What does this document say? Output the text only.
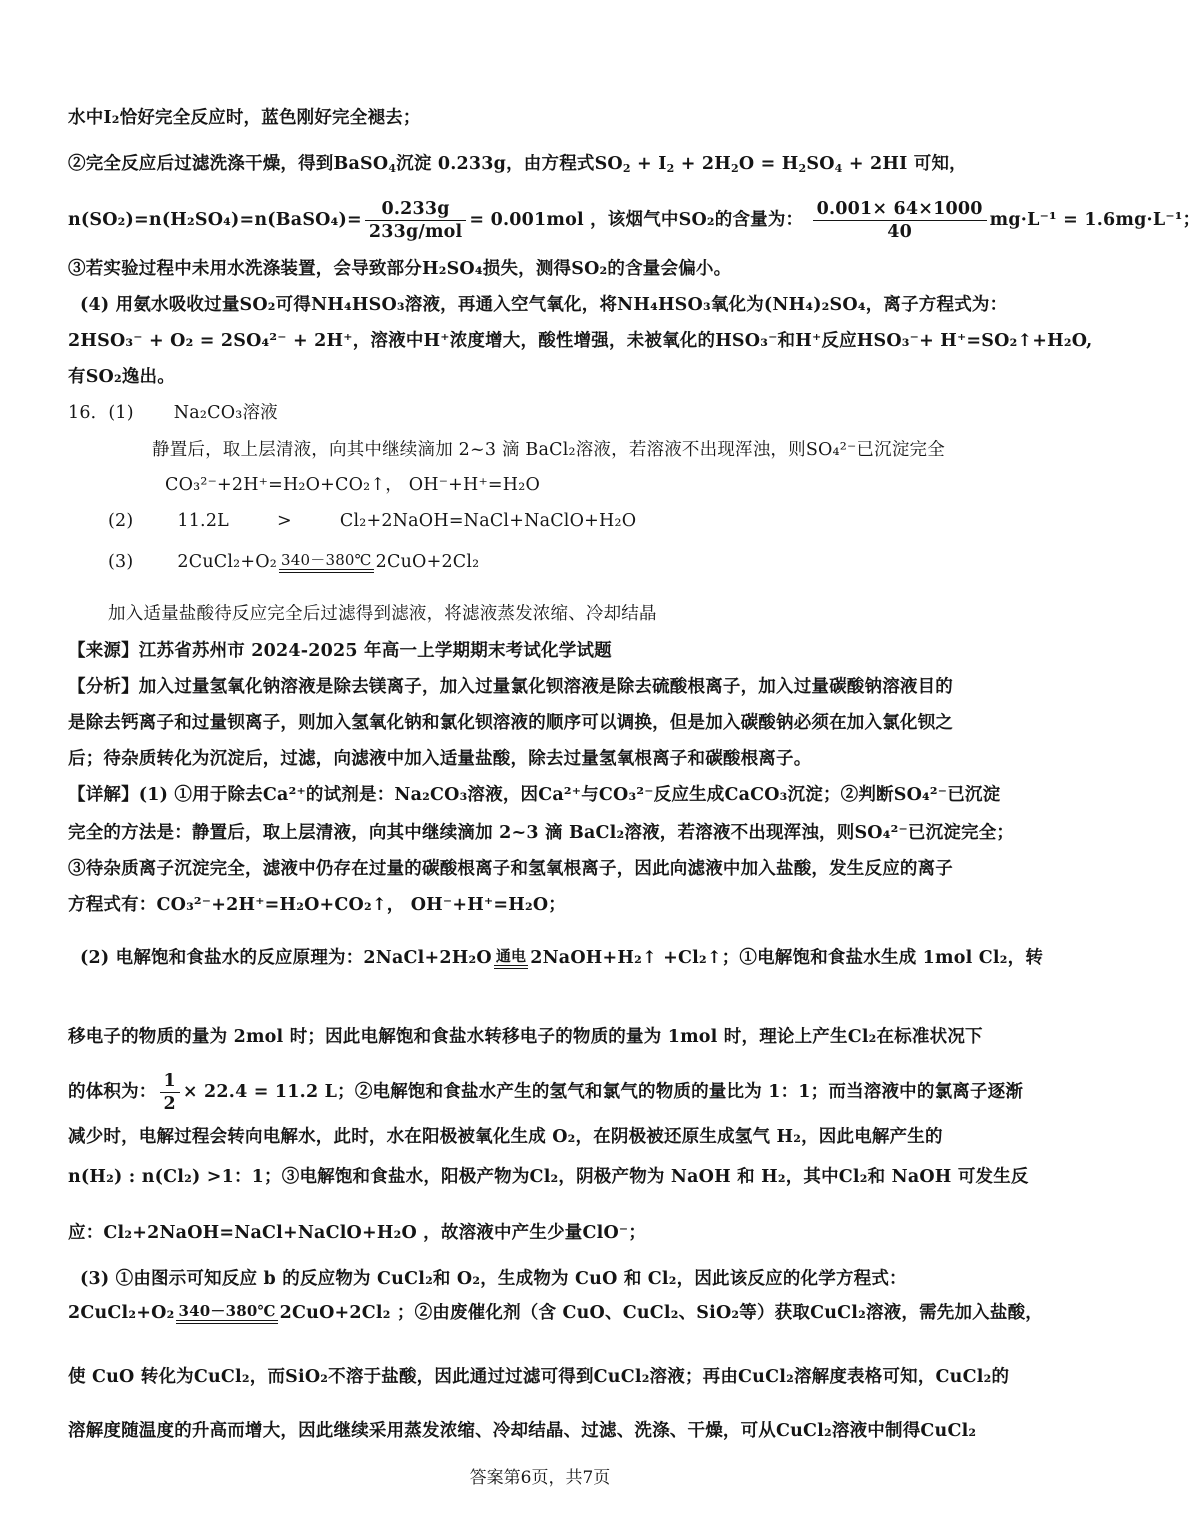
水中I₂恰好完全反应时，蓝色刚好完全褪去；
②完全反应后过滤洗涤干燥，得到BaSO$_4$沉淀 0.233g，由方程式$SO_2 + I_2 + 2H_2O = H_2SO_4 + 2HI$ 可知，
n(SO₂)=n(H₂SO₄)=n(BaSO₄)= $\frac{0.233g}{\text{233g/mol}} = 0.001mol$ ，该烟气中SO₂的含量为： $\frac{0.001\times 64\times 1000}{40} mg\cdot L^{-1} = 1.6mg\cdot L^{-1}$；
③若实验过程中未用水洗涤装置，会导致部分H₂SO₄损失，测得SO₂的含量会偏小。
(4) 用氨水吸收过量SO₂可得NH₄HSO₃溶液，再通入空气氧化，将NH₄HSO₃氧化为(NH₄)₂SO₄，离子方程式为：
2HSO₃⁻ + O₂ = 2SO₄²⁻ + 2H⁺，溶液中H⁺浓度增大，酸性增强，未被氧化的HSO₃⁻和H⁺反应HSO₃⁻+ H⁺=SO₂↑+H₂O,
有SO₂逸出。
16．(1) Na₂CO₃溶液
静置后，取上层清液，向其中继续滴加 2~3 滴 BaCl₂溶液，若溶液不出现浑浊，则SO₄²⁻已沉淀完全
CO₃²⁻+2H⁺=H₂O+CO₂↑， OH⁻+H⁺=H₂O
(2)	11.2L	>	Cl₂+2NaOH=NaCl+NaClO+H₂O
(3)	2CuCl₂+O₂ 340－380℃ 2CuO+2Cl₂
加入适量盐酸待反应完全后过滤得到滤液，将滤液蒸发浓缩、冷却结晶
【来源】江苏省苏州市 2024-2025 年高一上学期期末考试化学试题
【分析】加入过量氢氧化钠溶液是除去镁离子，加入过量氯化钡溶液是除去硫酸根离子，加入过量碳酸钠溶液目的
是除去钙离子和过量钡离子，则加入氢氧化钠和氯化钡溶液的顺序可以调换，但是加入碳酸钠必须在加入氯化钡之
后；待杂质转化为沉淀后，过滤，向滤液中加入适量盐酸，除去过量氢氧根离子和碳酸根离子。
【详解】(1) ①用于除去Ca²⁺的试剂是：Na₂CO₃溶液，因Ca²⁺与CO₃²⁻反应生成CaCO₃沉淀；②判断SO₄²⁻已沉淀
完全的方法是：静置后，取上层清液，向其中继续滴加 2~3 滴 BaCl₂溶液，若溶液不出现浑浊，则SO₄²⁻已沉淀完全；
③待杂质离子沉淀完全，滤液中仍存在过量的碳酸根离子和氢氧根离子，因此向滤液中加入盐酸，发生反应的离子
方程式有：CO₃²⁻+2H⁺=H₂O+CO₂↑， OH⁻+H⁺=H₂O；
(2) 电解饱和食盐水的反应原理为：2NaCl+2H₂O 通电 2NaOH+H₂↑ +Cl₂↑；①电解饱和食盐水生成 1mol Cl₂，转
移电子的物质的量为 2mol 时；因此电解饱和食盐水转移电子的物质的量为 1mol 时，理论上产生Cl₂在标准状况下
的体积为： $\frac{1}{2} \times 22.4 = 11.2$ L；②电解饱和食盐水产生的氢气和氯气的物质的量比为 1：1；而当溶液中的氯离子逐渐
减少时，电解过程会转向电解水，此时，水在阳极被氧化生成 O₂，在阴极被还原生成氢气 H₂，因此电解产生的
n(H₂) : n(Cl₂) >1：1；③电解饱和食盐水，阳极产物为Cl₂，阴极产物为 NaOH 和 H₂，其中Cl₂和 NaOH 可发生反
应：Cl₂+2NaOH=NaCl+NaClO+H₂O ，故溶液中产生少量ClO⁻；
(3) ①由图示可知反应 b 的反应物为 CuCl₂和 O₂，生成物为 CuO 和 Cl₂，因此该反应的化学方程式：
2CuCl₂+O₂ 340－380℃ 2CuO+2Cl₂ ；②由废催化剂（含 CuO、CuCl₂、SiO₂等）获取CuCl₂溶液，需先加入盐酸，
使 CuO 转化为CuCl₂，而SiO₂不溶于盐酸，因此通过过滤可得到CuCl₂溶液；再由CuCl₂溶解度表格可知，CuCl₂的
溶解度随温度的升高而增大，因此继续采用蒸发浓缩、冷却结晶、过滤、洗涤、干燥，可从CuCl₂溶液中制得CuCl₂
答案第6页，共7页
